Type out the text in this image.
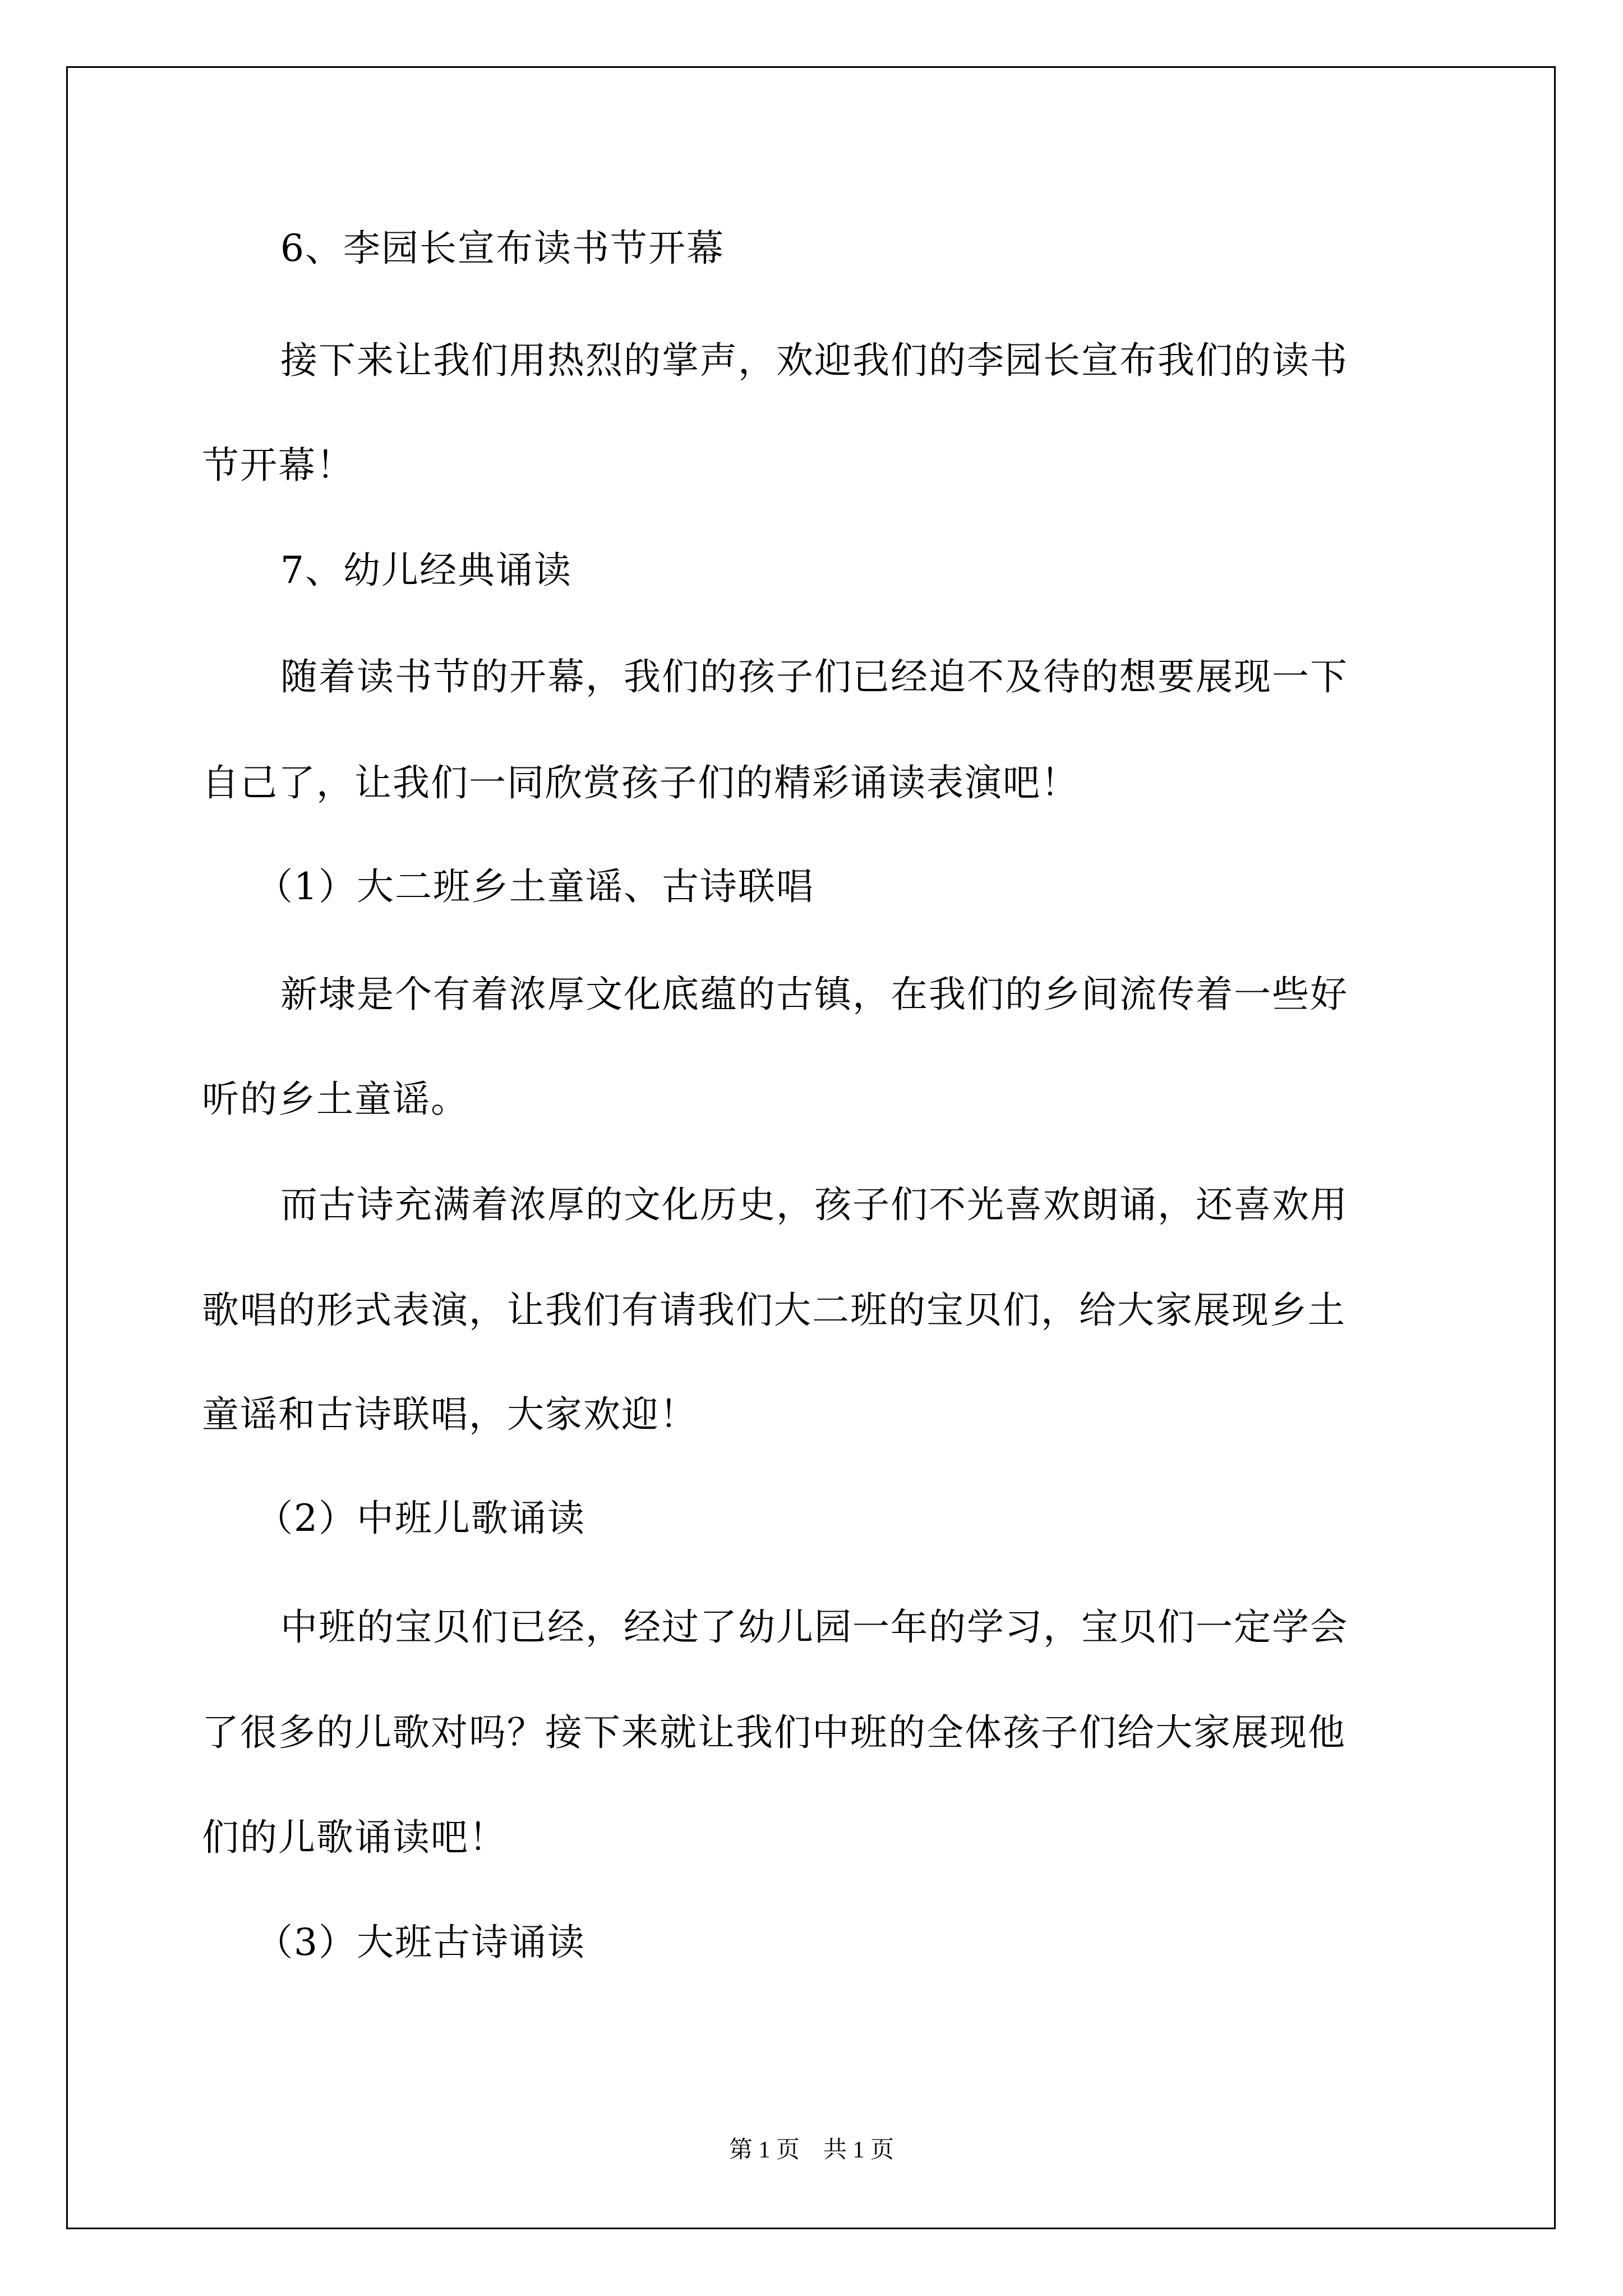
6、李园长宣布读书节开幕
接下来让我们用热烈的掌声，欢迎我们的李园长宣布我们的读书
节开幕！
7、幼儿经典诵读
随着读书节的开幕，我们的孩子们已经迫不及待的想要展现一下
自己了，让我们一同欣赏孩子们的精彩诵读表演吧！
（1）大二班乡土童谣、古诗联唱
新埭是个有着浓厚文化底蕴的古镇，在我们的乡间流传着一些好
听的乡土童谣。
而古诗充满着浓厚的文化历史，孩子们不光喜欢朗诵，还喜欢用
歌唱的形式表演，让我们有请我们大二班的宝贝们，给大家展现乡土
童谣和古诗联唱，大家欢迎！
（2）中班儿歌诵读
中班的宝贝们已经，经过了幼儿园一年的学习，宝贝们一定学会
了很多的儿歌对吗？接下来就让我们中班的全体孩子们给大家展现他
们的儿歌诵读吧！
（3）大班古诗诵读
第 1 页　共 1 页
